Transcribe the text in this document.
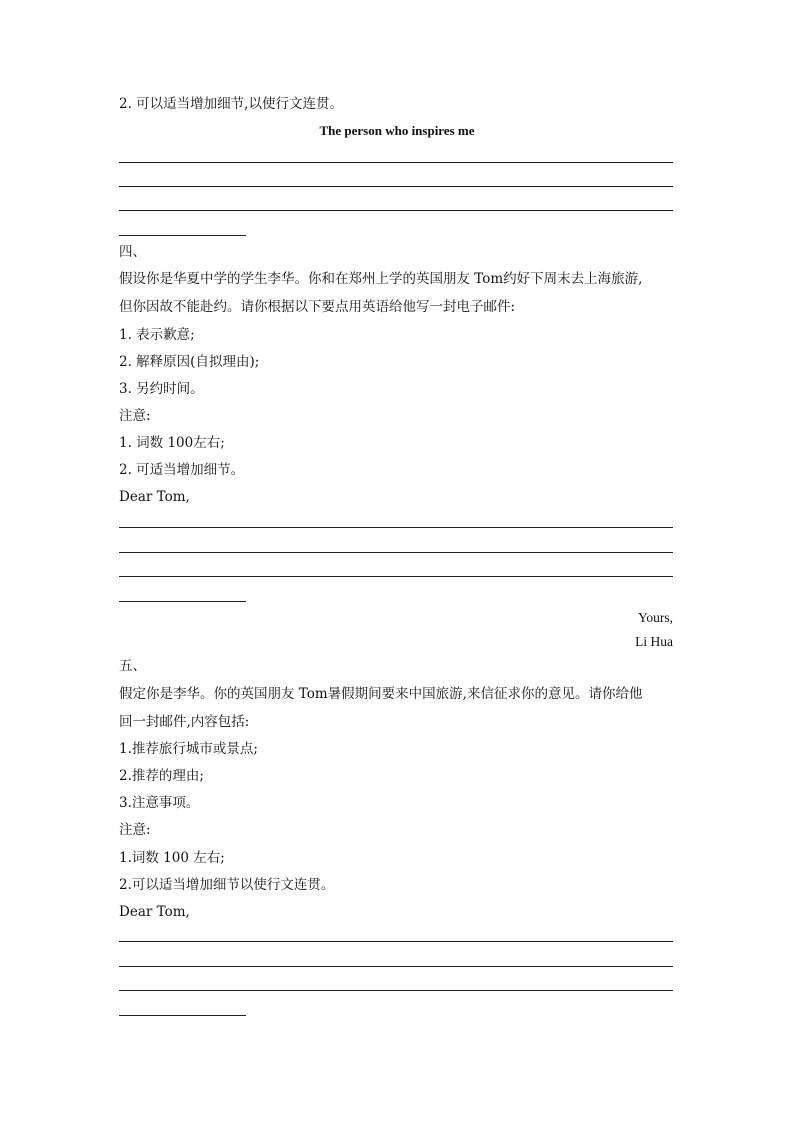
2. 可以适当增加细节,以使行文连贯。
The person who inspires me
四、
假设你是华夏中学的学生李华。你和在郑州上学的英国朋友 Tom约好下周末去上海旅游,
但你因故不能赴约。请你根据以下要点用英语给他写一封电子邮件:
1. 表示歉意;
2. 解释原因(自拟理由);
3. 另约时间。
注意:
1. 词数 100左右;
2. 可适当增加细节。
Dear Tom,
Yours,
Li Hua
五、
假定你是李华。你的英国朋友 Tom暑假期间要来中国旅游,来信征求你的意见。请你给他
回一封邮件,内容包括:
1.推荐旅行城市或景点;
2.推荐的理由;
3.注意事项。
注意:
1.词数 100 左右;
2.可以适当增加细节以使行文连贯。
Dear Tom,
